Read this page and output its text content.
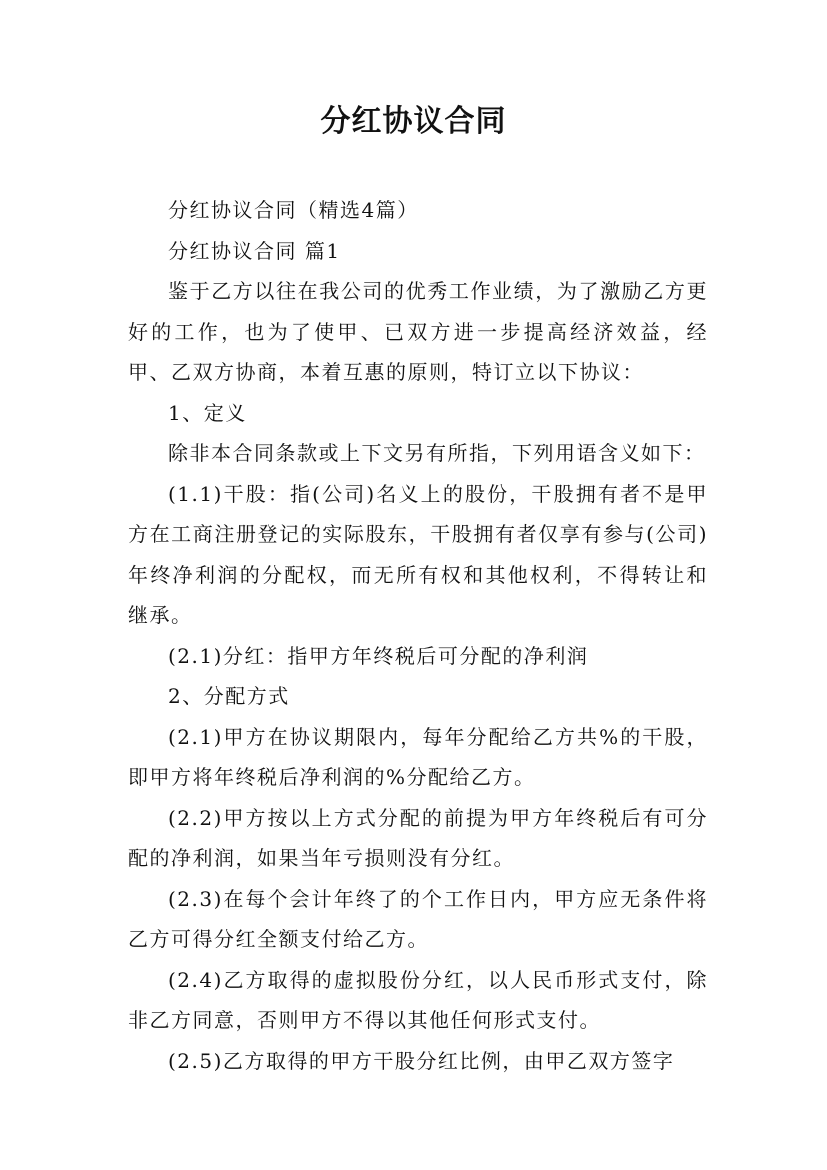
分红协议合同

分红协议合同（精选4篇）

分红协议合同 篇1

鉴于乙方以往在我公司的优秀工作业绩，为了激励乙方更好的工作，也为了使甲、已双方进一步提高经济效益，经甲、乙双方协商，本着互惠的原则，特订立以下协议：

1、定义

除非本合同条款或上下文另有所指，下列用语含义如下：

(1.1)干股：指(公司)名义上的股份，干股拥有者不是甲方在工商注册登记的实际股东，干股拥有者仅享有参与(公司)年终净利润的分配权，而无所有权和其他权利，不得转让和继承。

(2.1)分红：指甲方年终税后可分配的净利润

2、分配方式

(2.1)甲方在协议期限内，每年分配给乙方共%的干股，即甲方将年终税后净利润的%分配给乙方。

(2.2)甲方按以上方式分配的前提为甲方年终税后有可分配的净利润，如果当年亏损则没有分红。

(2.3)在每个会计年终了的个工作日内，甲方应无条件将乙方可得分红全额支付给乙方。

(2.4)乙方取得的虚拟股份分红，以人民币形式支付，除非乙方同意，否则甲方不得以其他任何形式支付。

(2.5)乙方取得的甲方干股分红比例，由甲乙双方签字
